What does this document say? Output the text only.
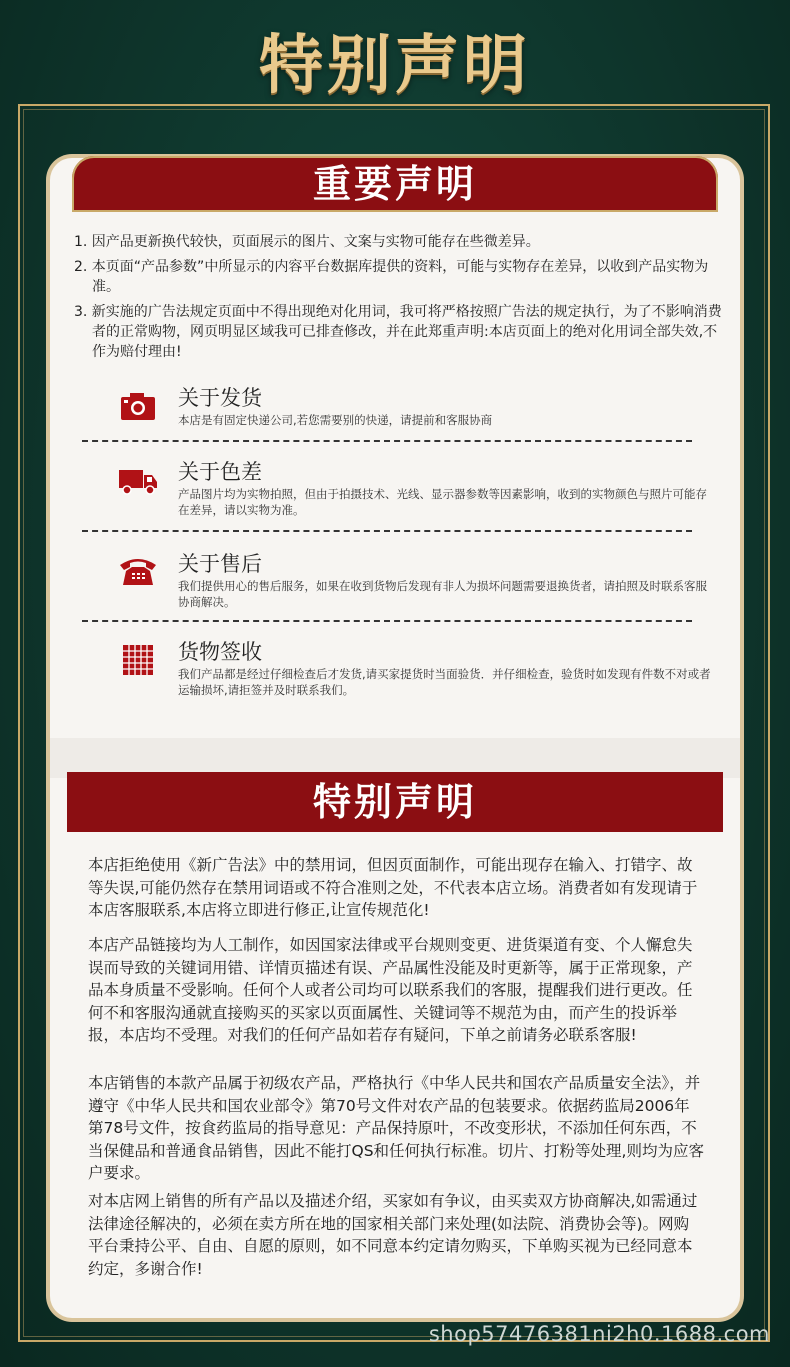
特别声明
重要声明
1. 因产品更新换代较快，页面展示的图片、文案与实物可能存在些微差异。
2. 本页面“产品参数”中所显示的内容平台数据库提供的资料，可能与实物存在差异，以收到产品实物为准。
3. 新实施的广告法规定页面中不得出现绝对化用词，我可将严格按照广告法的规定执行，为了不影响消费者的正常购物，网页明显区域我可已排查修改，并在此郑重声明:本店页面上的绝对化用词全部失效,不作为赔付理由!
关于发货
本店是有固定快递公司,若您需要别的快递，请提前和客服协商
关于色差
产品图片均为实物拍照，但由于拍摄技术、光线、显示器参数等因素影响，收到的实物颜色与照片可能存在差异，请以实物为准。
关于售后
我们提供用心的售后服务，如果在收到货物后发现有非人为损坏问题需要退换货者，请拍照及时联系客服协商解决。
货物签收
我们产品都是经过仔细检查后才发货,请买家提货时当面验货．并仔细检查，验货时如发现有件数不对或者运输损坏,请拒签并及时联系我们。
特别声明
本店拒绝使用《新广告法》中的禁用词，但因页面制作，可能出现存在输入、打错字、故等失误,可能仍然存在禁用词语或不符合准则之处，不代表本店立场。消费者如有发现请于本店客服联系,本店将立即进行修正,让宣传规范化!
本店产品链接均为人工制作，如因国家法律或平台规则变更、进货渠道有变、个人懈怠失误而导致的关键词用错、详情页描述有误、产品属性没能及时更新等，属于正常现象，产品本身质量不受影响。任何个人或者公司均可以联系我们的客服，提醒我们进行更改。任何不和客服沟通就直接购买的买家以页面属性、关键词等不规范为由，而产生的投诉举报，本店均不受理。对我们的任何产品如若存有疑问，下单之前请务必联系客服!
本店销售的本款产品属于初级农产品，严格执行《中华人民共和国农产品质量安全法》，并遵守《中华人民共和国农业部令》第70号文件对农产品的包装要求。依据药监局2006年第78号文件，按食药监局的指导意见：产品保持原叶，不改变形状，不添加任何东西，不当保健品和普通食品销售，因此不能打QS和任何执行标准。切片、打粉等处理,则均为应客户要求。
对本店网上销售的所有产品以及描述介绍，买家如有争议，由买卖双方协商解决,如需通过法律途径解决的，必须在卖方所在地的国家相关部门来处理(如法院、消费协会等)。网购平台秉持公平、自由、自愿的原则，如不同意本约定请勿购买，下单购买视为已经同意本约定，多谢合作!
shop57476381ni2h0.1688.com
